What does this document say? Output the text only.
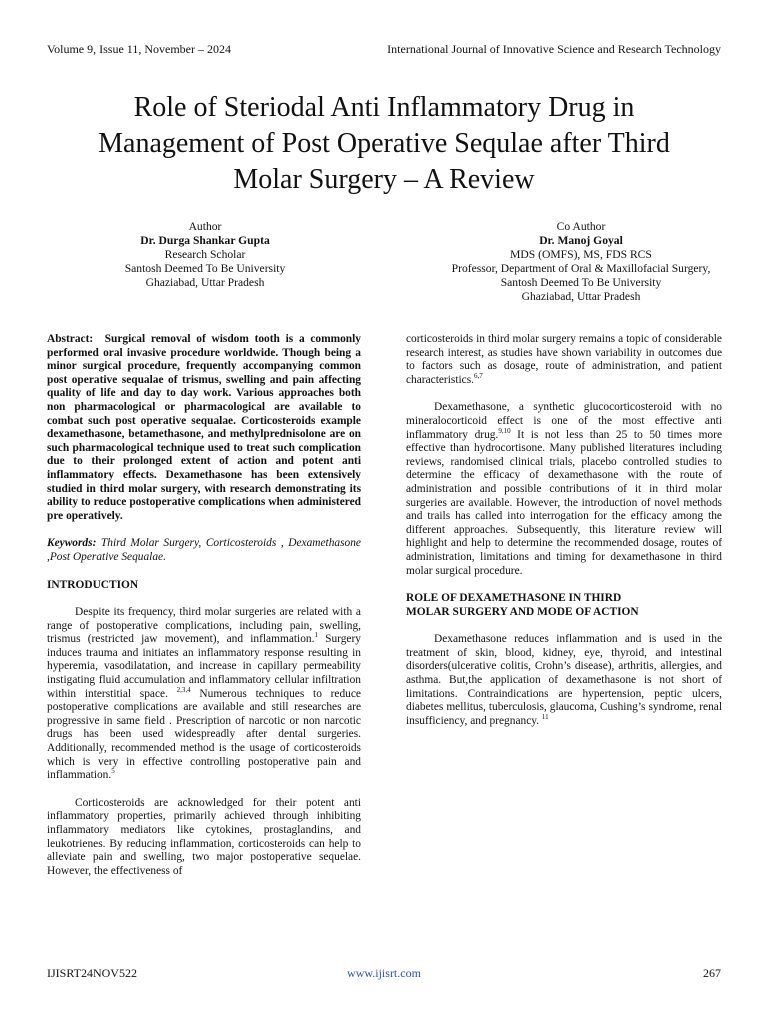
Volume 9, Issue 11, November – 2024	International Journal of Innovative Science and Research Technology
Role of Steriodal Anti Inflammatory Drug in
Management of Post Operative Sequlae after Third
Molar Surgery – A Review
Author
Dr. Durga Shankar Gupta
Research Scholar
Santosh Deemed To Be University
Ghaziabad, Uttar Pradesh
Co Author
Dr. Manoj Goyal
MDS (OMFS), MS, FDS RCS
Professor, Department of Oral & Maxillofacial Surgery,
Santosh Deemed To Be University
Ghaziabad, Uttar Pradesh

Abstract: Surgical removal of wisdom tooth is a commonly performed oral invasive procedure worldwide. Though being a minor surgical procedure, frequently accompanying common post operative sequalae of trismus, swelling and pain affecting quality of life and day to day work. Various approaches both non pharmacological or pharmacological are available to combat such post operative sequalae. Corticosteroids example dexamethasone, betamethasone, and methylprednisolone are on such pharmacological technique used to treat such complication due to their prolonged extent of action and potent anti inflammatory effects. Dexamethasone has been extensively studied in third molar surgery, with research demonstrating its ability to reduce postoperative complications when administered pre operatively.

Keywords: Third Molar Surgery, Corticosteroids , Dexamethasone ,Post Operative Sequalae.

INTRODUCTION

Despite its frequency, third molar surgeries are related with a range of postoperative complications, including pain, swelling, trismus (restricted jaw movement), and inflammation.$^1$ Surgery induces trauma and initiates an inflammatory response resulting in hyperemia, vasodilatation, and increase in capillary permeability instigating fluid accumulation and inflammatory cellular infiltration within interstitial space. $^{2,3,4}$ Numerous techniques to reduce postoperative complications are available and still researches are progressive in same field . Prescription of narcotic or non narcotic drugs has been used widespreadly after dental surgeries. Additionally, recommended method is the usage of corticosteroids which is very in effective controlling postoperative pain and inflammation.$^5$

Corticosteroids are acknowledged for their potent anti inflammatory properties, primarily achieved through inhibiting inflammatory mediators like cytokines, prostaglandins, and leukotrienes. By reducing inflammation, corticosteroids can help to alleviate pain and swelling, two major postoperative sequelae. However, the effectiveness of

corticosteroids in third molar surgery remains a topic of considerable research interest, as studies have shown variability in outcomes due to factors such as dosage, route of administration, and patient characteristics.$^{6,7}$

Dexamethasone, a synthetic glucocorticosteroid with no mineralocorticoid effect is one of the most effective anti inflammatory drug.$^{9,10}$ It is not less than 25 to 50 times more effective than hydrocortisone. Many published literatures including reviews, randomised clinical trials, placebo controlled studies to determine the efficacy of dexamethasone with the route of administration and possible contributions of it in third molar surgeries are available. However, the introduction of novel methods and trails has called into interrogation for the efficacy among the different approaches. Subsequently, this literature review will highlight and help to determine the recommended dosage, routes of administration, limitations and timing for dexamethasone in third molar surgical procedure.

ROLE OF DEXAMETHASONE IN THIRD
MOLAR SURGERY AND MODE OF ACTION

Dexamethasone reduces inflammation and is used in the treatment of skin, blood, kidney, eye, thyroid, and intestinal disorders(ulcerative colitis, Crohn’s disease), arthritis, allergies, and asthma. But,the application of dexamethasone is not short of limitations. Contraindications are hypertension, peptic ulcers, diabetes mellitus, tuberculosis, glaucoma, Cushing’s syndrome, renal insufficiency, and pregnancy. $^{11}$

IJISRT24NOV522	www.ijisrt.com	267
